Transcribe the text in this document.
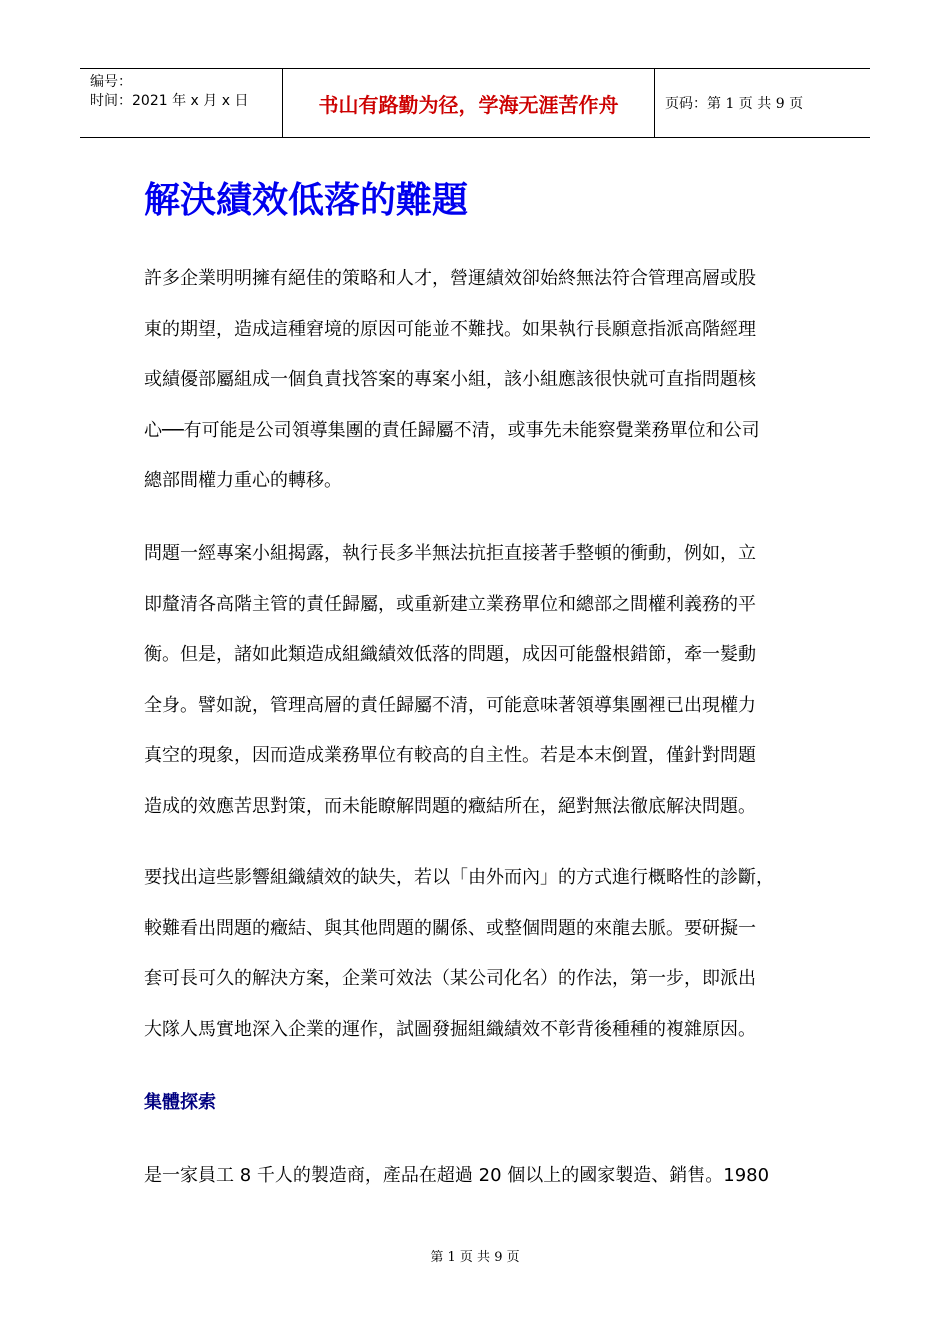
编号：
时间：2021 年 x 月 x 日	书山有路勤为径，学海无涯苦作舟	页码：第 1 页 共 9 页
解決績效低落的難題

許多企業明明擁有絕佳的策略和人才，營運績效卻始終無法符合管理高層或股
東的期望，造成這種窘境的原因可能並不難找。如果執行長願意指派高階經理
或績優部屬組成一個負責找答案的專案小組，該小組應該很快就可直指問題核
心──有可能是公司領導集團的責任歸屬不清，或事先未能察覺業務單位和公司
總部間權力重心的轉移。

問題一經專案小組揭露，執行長多半無法抗拒直接著手整頓的衝動，例如，立
即釐清各高階主管的責任歸屬，或重新建立業務單位和總部之間權利義務的平
衡。但是，諸如此類造成組織績效低落的問題，成因可能盤根錯節，牽一髮動
全身。譬如說，管理高層的責任歸屬不清，可能意味著領導集團裡已出現權力
真空的現象，因而造成業務單位有較高的自主性。若是本末倒置，僅針對問題
造成的效應苦思對策，而未能瞭解問題的癥結所在，絕對無法徹底解決問題。

要找出這些影響組織績效的缺失，若以「由外而內」的方式進行概略性的診斷，
較難看出問題的癥結、與其他問題的關係、或整個問題的來龍去脈。要研擬一
套可長可久的解決方案，企業可效法（某公司化名）的作法，第一步，即派出
大隊人馬實地深入企業的運作，試圖發掘組織績效不彰背後種種的複雜原因。

集體探索

是一家員工 8 千人的製造商，產品在超過 20 個以上的國家製造、銷售。1980

第 1 页 共 9 页
